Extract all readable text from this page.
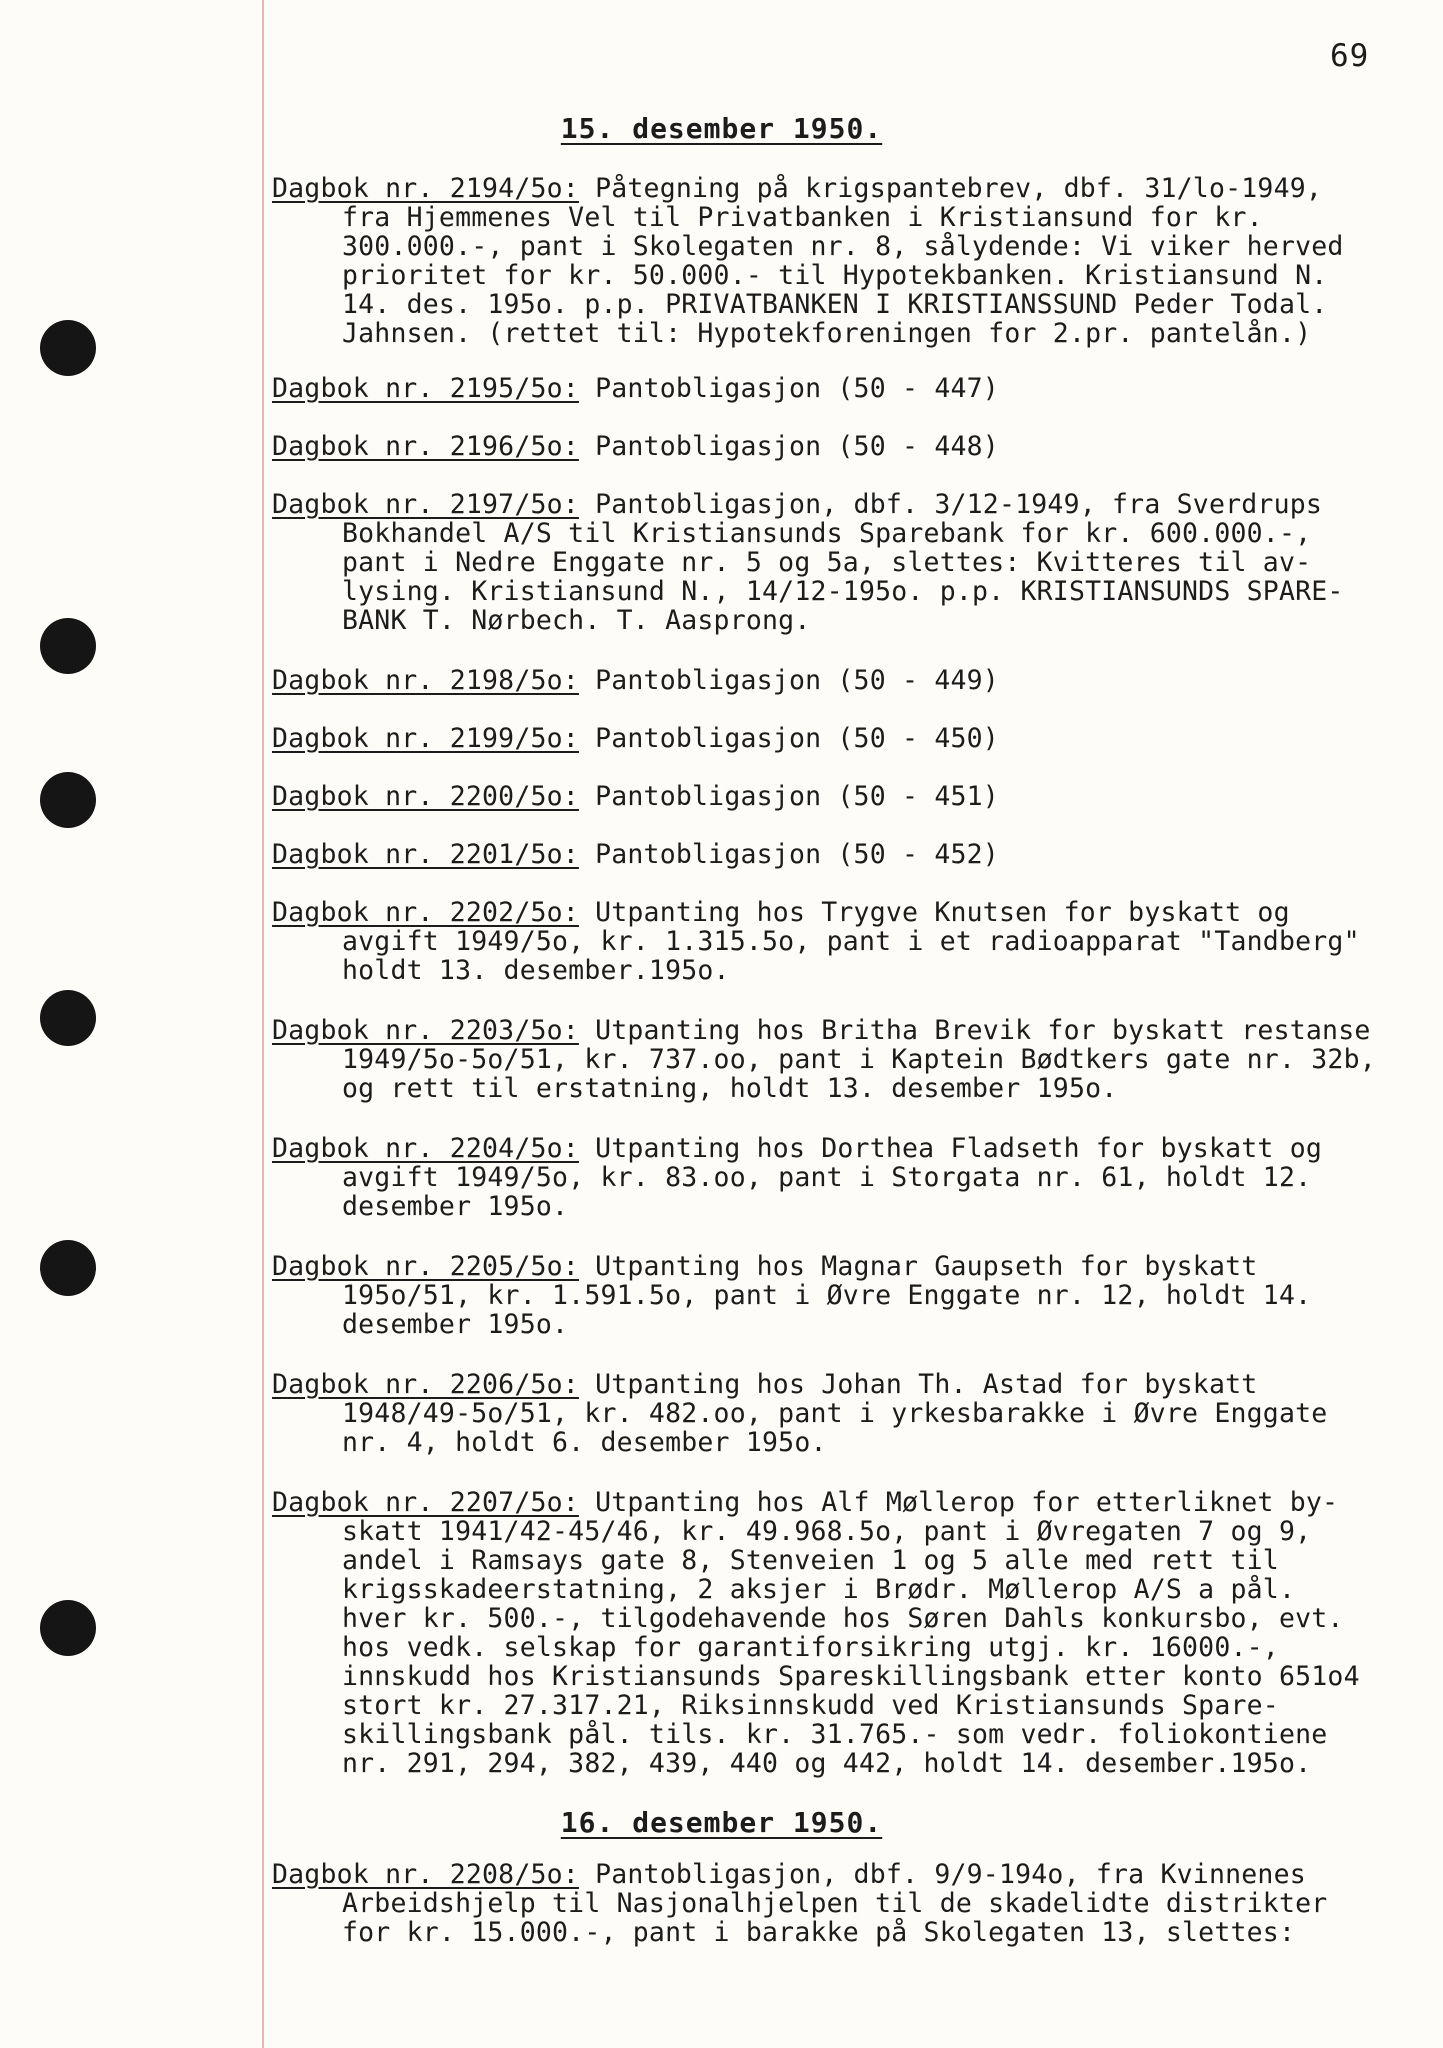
69
15. desember 1950.
Dagbok nr. 2194/5o: Påtegning på krigspantebrev, dbf. 31/lo-1949,
fra Hjemmenes Vel til Privatbanken i Kristiansund for kr.
300.000.-, pant i Skolegaten nr. 8, sålydende: Vi viker herved
prioritet for kr. 50.000.- til Hypotekbanken. Kristiansund N.
14. des. 195o. p.p. PRIVATBANKEN I KRISTIANSSUND Peder Todal.
Jahnsen. (rettet til: Hypotekforeningen for 2.pr. pantelån.)
Dagbok nr. 2195/5o: Pantobligasjon (50 - 447)
Dagbok nr. 2196/5o: Pantobligasjon (50 - 448)
Dagbok nr. 2197/5o: Pantobligasjon, dbf. 3/12-1949, fra Sverdrups
Bokhandel A/S til Kristiansunds Sparebank for kr. 600.000.-,
pant i Nedre Enggate nr. 5 og 5a, slettes: Kvitteres til av-
lysing. Kristiansund N., 14/12-195o. p.p. KRISTIANSUNDS SPARE-
BANK T. Nørbech. T. Aasprong.
Dagbok nr. 2198/5o: Pantobligasjon (50 - 449)
Dagbok nr. 2199/5o: Pantobligasjon (50 - 450)
Dagbok nr. 2200/5o: Pantobligasjon (50 - 451)
Dagbok nr. 2201/5o: Pantobligasjon (50 - 452)
Dagbok nr. 2202/5o: Utpanting hos Trygve Knutsen for byskatt og
avgift 1949/5o, kr. 1.315.5o, pant i et radioapparat "Tandberg"
holdt 13. desember.195o.
Dagbok nr. 2203/5o: Utpanting hos Britha Brevik for byskatt restanse
1949/5o-5o/51, kr. 737.oo, pant i Kaptein Bødtkers gate nr. 32b,
og rett til erstatning, holdt 13. desember 195o.
Dagbok nr. 2204/5o: Utpanting hos Dorthea Fladseth for byskatt og
avgift 1949/5o, kr. 83.oo, pant i Storgata nr. 61, holdt 12.
desember 195o.
Dagbok nr. 2205/5o: Utpanting hos Magnar Gaupseth for byskatt
195o/51, kr. 1.591.5o, pant i Øvre Enggate nr. 12, holdt 14.
desember 195o.
Dagbok nr. 2206/5o: Utpanting hos Johan Th. Astad for byskatt
1948/49-5o/51, kr. 482.oo, pant i yrkesbarakke i Øvre Enggate
nr. 4, holdt 6. desember 195o.
Dagbok nr. 2207/5o: Utpanting hos Alf Møllerop for etterliknet by-
skatt 1941/42-45/46, kr. 49.968.5o, pant i Øvregaten 7 og 9,
andel i Ramsays gate 8, Stenveien 1 og 5 alle med rett til
krigsskadeerstatning, 2 aksjer i Brødr. Møllerop A/S a pål.
hver kr. 500.-, tilgodehavende hos Søren Dahls konkursbo, evt.
hos vedk. selskap for garantiforsikring utgj. kr. 16000.-,
innskudd hos Kristiansunds Spareskillingsbank etter konto 651o4
stort kr. 27.317.21, Riksinnskudd ved Kristiansunds Spare-
skillingsbank pål. tils. kr. 31.765.- som vedr. foliokontiene
nr. 291, 294, 382, 439, 440 og 442, holdt 14. desember.195o.
Dagbok nr. 2208/5o: Pantobligasjon, dbf. 9/9-194o, fra Kvinnenes
Arbeidshjelp til Nasjonalhjelpen til de skadelidte distrikter
for kr. 15.000.-, pant i barakke på Skolegaten 13, slettes:
16. desember 1950.
